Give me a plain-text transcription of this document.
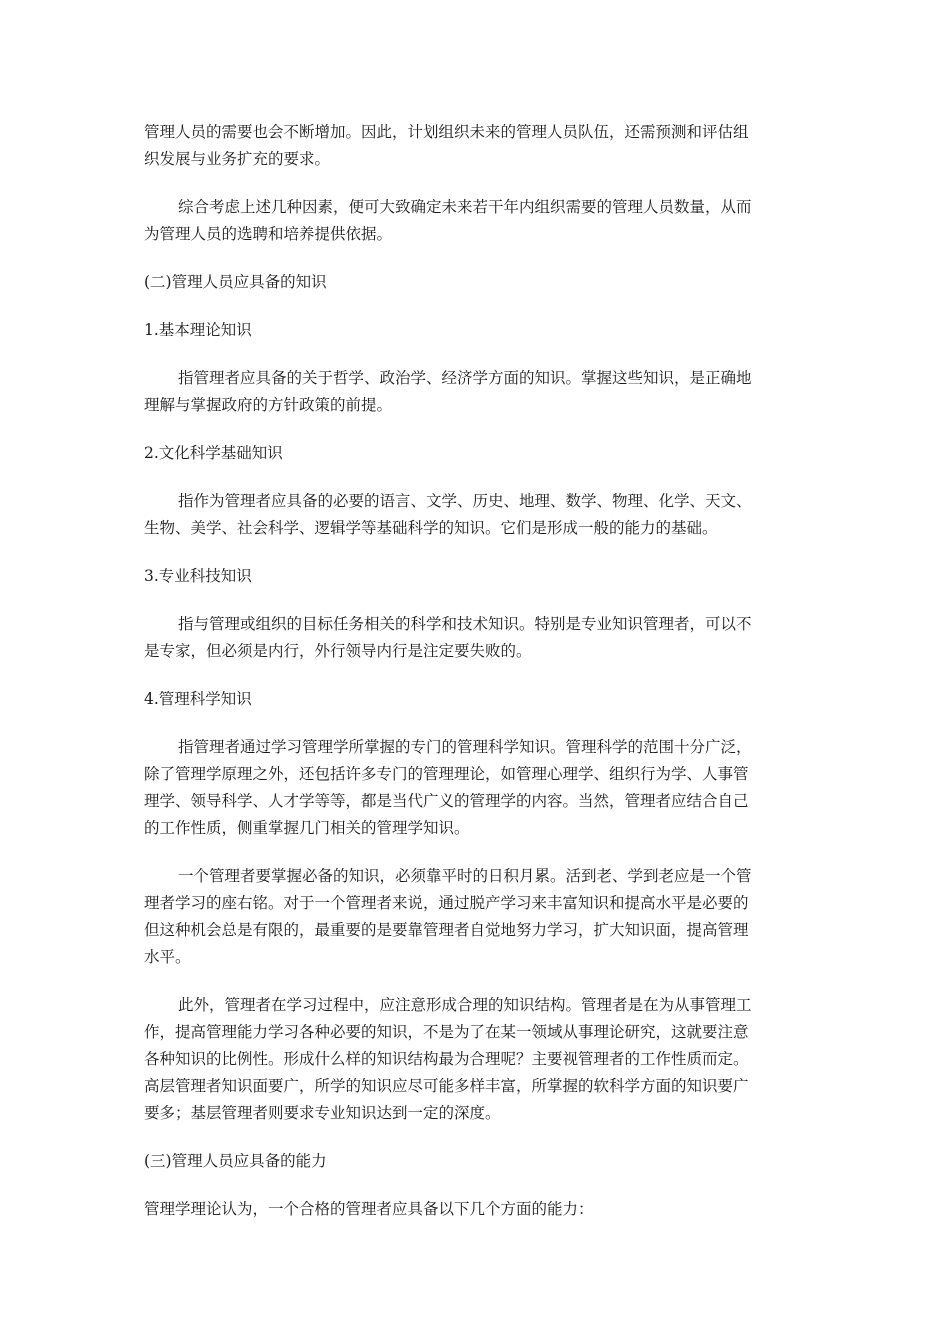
管理人员的需要也会不断增加。因此，计划组织未来的管理人员队伍，还需预测和评估组
织发展与业务扩充的要求。
综合考虑上述几种因素，便可大致确定未来若干年内组织需要的管理人员数量，从而
为管理人员的选聘和培养提供依据。
(二)管理人员应具备的知识
1.基本理论知识
指管理者应具备的关于哲学、政治学、经济学方面的知识。掌握这些知识，是正确地
理解与掌握政府的方针政策的前提。
2.文化科学基础知识
指作为管理者应具备的必要的语言、文学、历史、地理、数学、物理、化学、天文、
生物、美学、社会科学、逻辑学等基础科学的知识。它们是形成一般的能力的基础。
3.专业科技知识
指与管理或组织的目标任务相关的科学和技术知识。特别是专业知识管理者，可以不
是专家，但必须是内行，外行领导内行是注定要失败的。
4.管理科学知识
指管理者通过学习管理学所掌握的专门的管理科学知识。管理科学的范围十分广泛，
除了管理学原理之外，还包括许多专门的管理理论，如管理心理学、组织行为学、人事管
理学、领导科学、人才学等等，都是当代广义的管理学的内容。当然，管理者应结合自己
的工作性质，侧重掌握几门相关的管理学知识。
一个管理者要掌握必备的知识，必须靠平时的日积月累。活到老、学到老应是一个管
理者学习的座右铭。对于一个管理者来说，通过脱产学习来丰富知识和提高水平是必要的
但这种机会总是有限的，最重要的是要靠管理者自觉地努力学习，扩大知识面，提高管理
水平。
此外，管理者在学习过程中，应注意形成合理的知识结构。管理者是在为从事管理工
作，提高管理能力学习各种必要的知识，不是为了在某一领域从事理论研究，这就要注意
各种知识的比例性。形成什么样的知识结构最为合理呢？主要视管理者的工作性质而定。
高层管理者知识面要广，所学的知识应尽可能多样丰富，所掌握的软科学方面的知识要广
要多；基层管理者则要求专业知识达到一定的深度。
(三)管理人员应具备的能力
管理学理论认为，一个合格的管理者应具备以下几个方面的能力：
